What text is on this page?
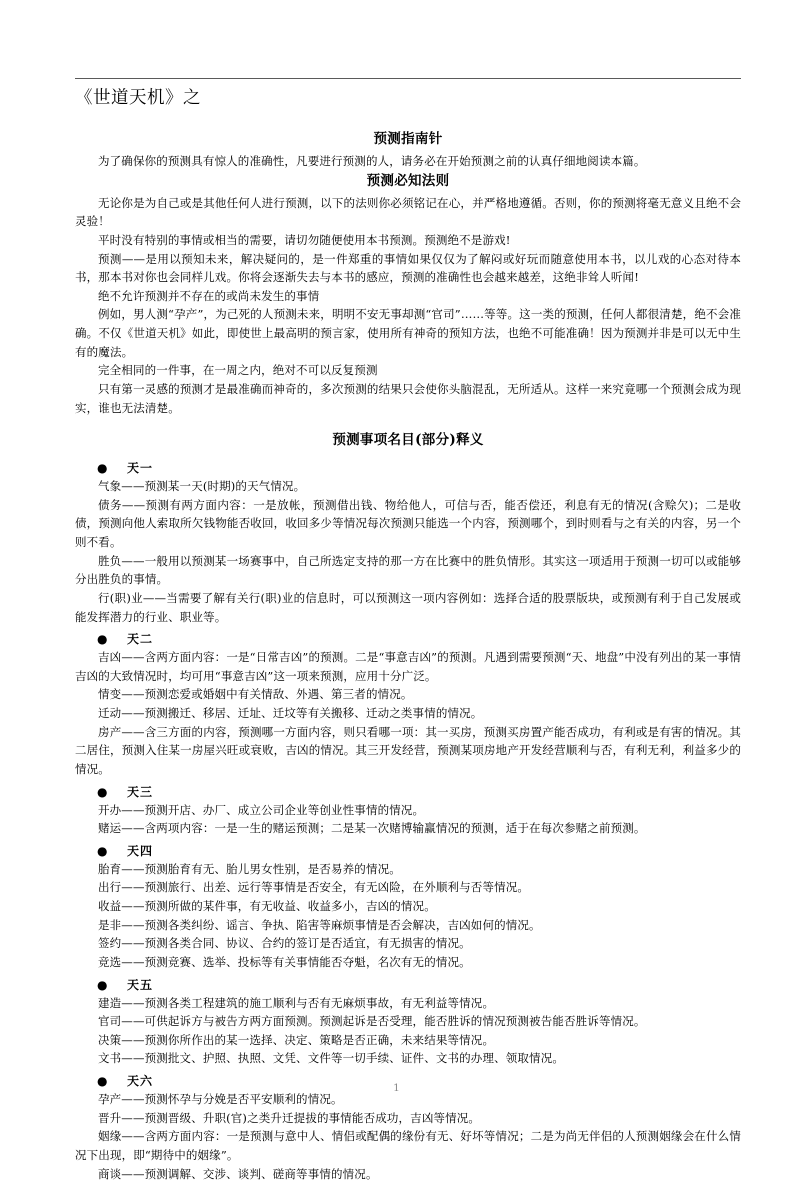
《世道天机》之
预测指南针

为了确保你的预测具有惊人的准确性，凡要进行预测的人，请务必在开始预测之前的认真仔细地阅读本篇。

预测必知法则

无论你是为自己或是其他任何人进行预测，以下的法则你必须铭记在心，并严格地遵循。否则，你的预测将毫无意义且绝不会灵验！

平时没有特别的事情或相当的需要，请切勿随便使用本书预测。预测绝不是游戏!

预测——是用以预知未来，解决疑问的，是一件郑重的事情如果仅仅为了解闷或好玩而随意使用本书，以儿戏的心态对待本书，那本书对你也会同样儿戏。你将会逐渐失去与本书的感应，预测的准确性也会越来越差，这绝非耸人听闻!

绝不允许预测并不存在的或尚未发生的事情

例如，男人测“孕产”，为己死的人预测未来，明明不安无事却测“官司”……等等。这一类的预测，任何人都很清楚，绝不会准确。不仅《世道天机》如此，即使世上最高明的预言家，使用所有神奇的预知方法，也绝不可能准确！因为预测并非是可以无中生有的魔法。

完全相同的一件事，在一周之内，绝对不可以反复预测

只有第一灵感的预测才是最准确而神奇的，多次预测的结果只会使你头脑混乱，无所适从。这样一来究竟哪一个预测会成为现实，谁也无法清楚。

预测事项名目(部分)释义
●	天一

气象——预测某一天(时期)的天气情况。

债务——预测有两方面内容：一是放帐，预测借出钱、物给他人，可信与否，能否偿还，利息有无的情况(含赊欠)；二是收债，预测向他人索取所欠钱物能否收回，收回多少等情况每次预测只能选一个内容，预测哪个，到时则看与之有关的内容，另一个则不看。

胜负——一般用以预测某一场赛事中，自己所选定支持的那一方在比赛中的胜负情形。其实这一项适用于预测一切可以或能够分出胜负的事情。

行(职)业——当需要了解有关行(职)业的信息时，可以预测这一项内容例如：选择合适的股票版块，或预测有利于自己发展或能发挥潜力的行业、职业等。

●	天二

吉凶——含两方面内容：一是“日常吉凶”的预测。二是“事意吉凶”的预测。凡遇到需要预测“天、地盘”中没有列出的某一事情吉凶的大致情况时，均可用“事意吉凶”这一项来预测，应用十分广泛。

情变——预测恋爱或婚姻中有关情敌、外遇、第三者的情况。

迁动——预测搬迁、移居、迁址、迁坟等有关搬移、迁动之类事情的情况。

房产——含三方面的内容，预测哪一方面内容，则只看哪一项：其一买房，预测买房置产能否成功，有利或是有害的情况。其二居住，预测入住某一房屋兴旺或衰败，吉凶的情况。其三开发经营，预测某项房地产开发经营顺利与否，有利无利，利益多少的情况。

●	天三

开办——预测开店、办厂、成立公司企业等创业性事情的情况。

赌运——含两项内容：一是一生的赌运预测；二是某一次赌博输赢情况的预测，适于在每次参赌之前预测。

●	天四

胎育——预测胎育有无、胎儿男女性别，是否易养的情况。

出行——预测旅行、出差、远行等事情是否安全，有无凶险，在外顺利与否等情况。

收益——预测所做的某件事，有无收益、收益多小，吉凶的情况。

是非——预测各类纠纷、谣言、争执、陷害等麻烦事情是否会解决，吉凶如何的情况。

签约——预测各类合同、协议、合约的签订是否适宜，有无损害的情况。

竞选——预测竞赛、选举、投标等有关事情能否夺魁，名次有无的情况。

●	天五

建造——预测各类工程建筑的施工顺利与否有无麻烦事故，有无利益等情况。

官司——可供起诉方与被告方两方面预测。预测起诉是否受理，能否胜诉的情况预测被告能否胜诉等情况。

决策——预测你所作出的某一选择、决定、策略是否正确，未来结果等情况。

文书——预测批文、护照、执照、文凭、文件等一切手续、证件、文书的办理、领取情况。

●	天六

孕产——预测怀孕与分娩是否平安顺利的情况。

晋升——预测晋级、升职(官)之类升迁提拔的事情能否成功，吉凶等情况。

姻缘——含两方面内容：一是预测与意中人、情侣或配偶的缘份有无、好坏等情况；二是为尚无伴侣的人预测姻缘会在什么情况下出现，即“期待中的姻缘”。

商谈——预测调解、交涉、谈判、磋商等事情的情况。

1
